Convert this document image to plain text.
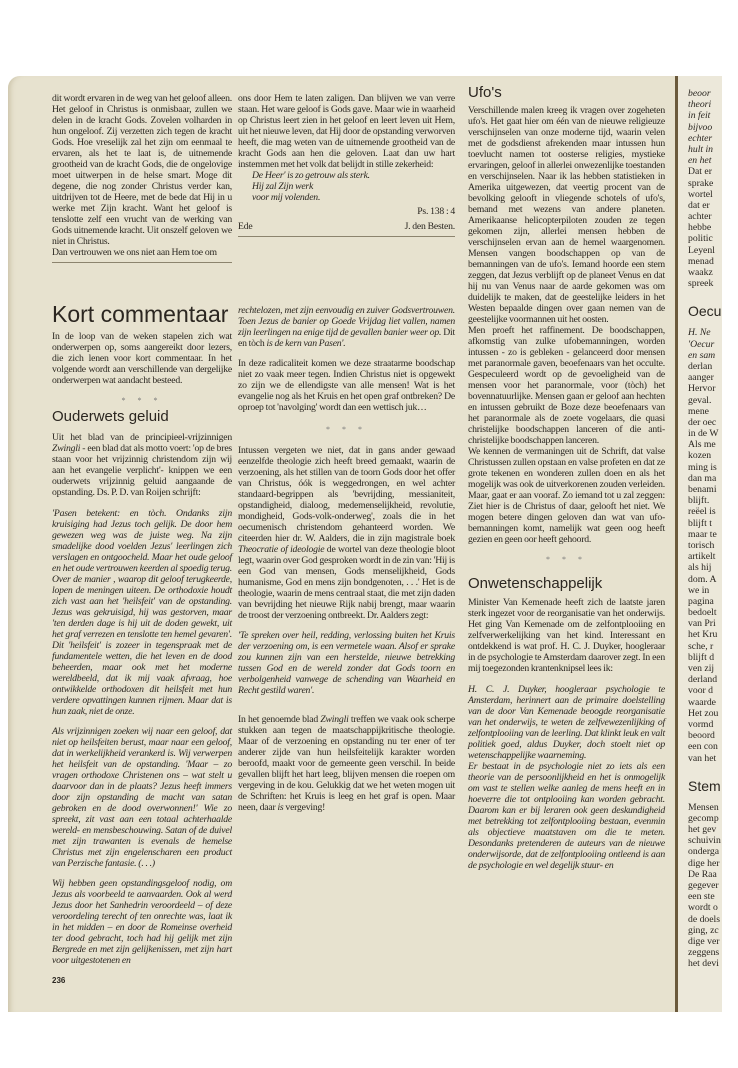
beoor
theori
in feit
bijvoo
echter
hult in
en het
Dat er
sprake
wortel
dat er
achter
hebbe
politic
Leyenl
menad
waakz
spreek
Oecu
H. Ne
'Oecur
en sam
derlan
aanger
Hervor
geval.
mene
der oec
in de W
Als me
kozen
ming is
dan ma
benami
blijft.
reëel is
blijft t
maar te
torisch
artikelt
als hij
dom. A
we in
pagina
bedoelt
van Pri
het Kru
sche, r
blijft d
ven zij
derland
voor d
waarde
Het zou
vormd
beoord
een con
van het
Stem
Mensen
gecomp
het gev
schuivin
onderga
dige her
De Raa
gegever
een ste
wordt o
de doels
ging, zc
dige ver
zeggens
het devi

dit wordt ervaren in de weg van het geloof alleen. Het geloof in Christus is onmisbaar, zullen we delen in de kracht Gods. Zovelen volharden in hun ongeloof. Zij verzetten zich tegen de kracht Gods. Hoe vreselijk zal het zijn om eenmaal te ervaren, als het te laat is, de uitnemende grootheid van de kracht Gods, die de ongelovige moet uitwerpen in de helse smart. Moge dit degene, die nog zonder Christus verder kan, uitdrijven tot de Heere, met de bede dat Hij in u werke met Zijn kracht. Want het geloof is tenslotte zelf een vrucht van de werking van Gods uitnemende kracht. Uit onszelf geloven we niet in Christus.

Dan vertrouwen we ons niet aan Hem toe om

Kort commentaar

In de loop van de weken stapelen zich wat onderwerpen op, soms aangereikt door lezers, die zich lenen voor kort commentaar. In het volgende wordt aan verschillende van dergelijke onderwerpen wat aandacht besteed.

* * *
Ouderwets geluid

Uit het blad van de principieel-vrijzinnigen Zwingli - een blad dat als motto voert: 'op de bres staan voor het vrijzinnig christendom zijn wij aan het evangelie verplicht'- knippen we een ouderwets vrijzinnig geluid aangaande de opstanding. Ds. P. D. van Roijen schrijft:

'Pasen betekent: en tòch. Ondanks zijn kruisiging had Jezus toch gelijk. De door hem gewezen weg was de juiste weg. Na zijn smadelijke dood voelden Jezus' leerlingen zich verslagen en ontgoocheld. Maar het oude geloof en het oude vertrouwen keerden al spoedig terug. Over de manier , waarop dit geloof terugkeerde, lopen de meningen uiteen. De orthodoxie houdt zich vast aan het 'heilsfeit' van de opstanding. Jezus was gekruisigd, hij was gestorven, maar 'ten derden dage is hij uit de doden gewekt, uit het graf verrezen en tenslotte ten hemel gevaren'. Dit 'heilsfeit' is zozeer in tegenspraak met de fundamentele wetten, die het leven en de dood beheerden, maar ook met het moderne wereldbeeld, dat ik mij vaak afvraag, hoe ontwikkelde orthodoxen dit heilsfeit met hun verdere opvattingen kunnen rijmen. Maar dat is hun zaak, niet de onze.

Als vrijzinnigen zoeken wij naar een geloof, dat niet op heilsfeiten berust, maar naar een geloof, dat in werkelijkheid verankerd is. Wij verwerpen het heilsfeit van de opstanding. 'Maar – zo vragen orthodoxe Christenen ons – wat stelt u daarvoor dan in de plaats? Jezus heeft immers door zijn opstanding de macht van satan gebroken en de dood overwonnen!' Wie zo spreekt, zit vast aan een totaal achterhaalde wereld- en mensbeschouwing. Satan of de duivel met zijn trawanten is evenals de hemelse Christus met zijn engelenscharen een product van Perzische fantasie. (. . .)

Wij hebben geen opstandingsgeloof nodig, om Jezus als voorbeeld te aanvaarden. Ook al werd Jezus door het Sanhedrin veroordeeld – of deze veroordeling terecht of ten onrechte was, laat ik in het midden – en door de Romeinse overheid ter dood gebracht, toch had hij gelijk met zijn Bergrede en met zijn gelijkenissen, met zijn hart voor uitgestotenen en

236

ons door Hem te laten zaligen. Dan blijven we van verre staan. Het ware geloof is Gods gave. Maar wie in waarheid op Christus leert zien in het geloof en leert leven uit Hem, uit het nieuwe leven, dat Hij door de opstanding verworven heeft, die mag weten van de uitnemende grootheid van de kracht Gods aan hen die geloven. Laat dan uw hart instemmen met het volk dat belijdt in stille zekerheid:

De Heer' is zo getrouw als sterk.
Hij zal Zijn werk
voor mij volenden.

Ps. 138 : 4

Ede	J. den Besten.

rechtelozen, met zijn eenvoudig en zuiver Godsvertrouwen. Toen Jezus de banier op Goede Vrijdag liet vallen, namen zijn leerlingen na enige tijd de gevallen banier weer op. Dit en tòch is de kern van Pasen'.

In deze radicaliteit komen we deze straatarme boodschap niet zo vaak meer tegen. Indien Christus niet is opgewekt zo zijn we de ellendigste van alle mensen! Wat is het evangelie nog als het Kruis en het open graf ontbreken? De oproep tot 'navolging' wordt dan een wettisch juk…

* * *

Intussen vergeten we niet, dat in gans ander gewaad eenzelfde theologie zich heeft breed gemaakt, waarin de verzoening, als het stillen van de toorn Gods door het offer van Christus, óók is weggedrongen, en wel achter standaard-begrippen als 'bevrijding, messianiteit, opstandigheid, dialoog, medemenselijkheid, revolutie, mondigheid, Gods-volk-onderweg', zoals die in het oecumenisch christendom gehanteerd worden. We citeerden hier dr. W. Aalders, die in zijn magistrale boek Theocratie of ideologie de wortel van deze theologie bloot legt, waarin over God gesproken wordt in de zin van: 'Hij is een God van mensen, Gods menselijkheid, Gods humanisme, God en mens zijn bondgenoten, . . .' Het is de theologie, waarin de mens centraal staat, die met zijn daden van bevrijding het nieuwe Rijk nabij brengt, maar waarin de troost der verzoening ontbreekt. Dr. Aalders zegt:

'Te spreken over heil, redding, verlossing buiten het Kruis der verzoening om, is een vermetele waan. Alsof er sprake zou kunnen zijn van een herstelde, nieuwe betrekking tussen God en de wereld zonder dat Gods toorn en verbolgenheid vanwege de schending van Waarheid en Recht gestild waren'.

In het genoemde blad Zwingli treffen we vaak ook scherpe stukken aan tegen de maatschappijkritische theologie. Maar of de verzoening en opstanding nu ter ener of ter anderer zijde van hun heilsfeitelijk karakter worden beroofd, maakt voor de gemeente geen verschil. In beide gevallen blijft het hart leeg, blijven mensen die roepen om vergeving in de kou. Gelukkig dat we het weten mogen uit de Schriften: het Kruis is leeg en het graf is open. Maar neen, daar is vergeving!

Ufo's

Verschillende malen kreeg ik vragen over zogeheten ufo's. Het gaat hier om één van de nieuwe religieuze verschijnselen van onze moderne tijd, waarin velen met de godsdienst afrekenden maar intussen hun toevlucht namen tot oosterse religies, mystieke ervaringen, geloof in allerlei onwezenlijke toestanden en verschijnselen. Naar ik las hebben statistieken in Amerika uitgewezen, dat veertig procent van de bevolking gelooft in vliegende schotels of ufo's, bemand met wezens van andere planeten. Amerikaanse helicopterpiloten zouden ze tegen gekomen zijn, allerlei mensen hebben de verschijnselen ervan aan de hemel waargenomen. Mensen vangen boodschappen op van de bemanningen van de ufo's. Iemand hoorde een stem zeggen, dat Jezus verblijft op de planeet Venus en dat hij nu van Venus naar de aarde gekomen was om duidelijk te maken, dat de geestelijke leiders in het Westen bepaalde dingen over gaan nemen van de geestelijke voormannen uit het oosten.

Men proeft het raffinement. De boodschappen, afkomstig van zulke ufobemanningen, worden intussen - zo is gebleken - gelanceerd door mensen met paranormale gaven, beoefenaars van het occulte. Gespeculeerd wordt op de gevoeligheid van de mensen voor het paranormale, voor (tòch) het bovennatuurlijke. Mensen gaan er geloof aan hechten en intussen gebruikt de Boze deze beoefenaars van het paranormale als de zoete vogelaars, die quasi christelijke boodschappen lanceren of die anti-christelijke boodschappen lanceren.

We kennen de vermaningen uit de Schrift, dat valse Christussen zullen opstaan en valse profeten en dat ze grote tekenen en wonderen zullen doen en als het mogelijk was ook de uitverkorenen zouden verleiden. Maar, gaat er aan vooraf. Zo iemand tot u zal zeggen: Ziet hier is de Christus of daar, gelooft het niet. We mogen betere dingen geloven dan wat van ufo-bemanningen komt, namelijk wat geen oog heeft gezien en geen oor heeft gehoord.

* * *
Onwetenschappelijk

Minister Van Kemenade heeft zich de laatste jaren sterk ingezet voor de reorganisatie van het onderwijs. Het ging Van Kemenade om de zelfontplooiing en zelfverwerkelijking van het kind. Interessant en ontdekkend is wat prof. H. C. J. Duyker, hoogleraar in de psychologie te Amsterdam daarover zegt. In een mij toegezonden krantenknipsel lees ik:

H. C. J. Duyker, hoogleraar psychologie te Amsterdam, herinnert aan de primaire doelstelling van de door Van Kemenade beoogde reorganisatie van het onderwijs, te weten de zelfvewezenlijking of zelfontplooiing van de leerling. Dat klinkt leuk en valt politiek goed, aldus Duyker, doch stoelt niet op wetenschappelijke waarneming.

Er bestaat in de psychologie niet zo iets als een theorie van de persoonlijkheid en het is onmogelijk om vast te stellen welke aanleg de mens heeft en in hoeverre die tot ontplooiing kan worden gebracht. Daarom kan er bij leraren ook geen deskundigheid met betrekking tot zelfontplooiing bestaan, evenmin als objectieve maatstaven om die te meten. Desondanks pretenderen de auteurs van de nieuwe onderwijsorde, dat de zelfontplooiing ontleend is aan de psychologie en wel degelijk stuur- en
